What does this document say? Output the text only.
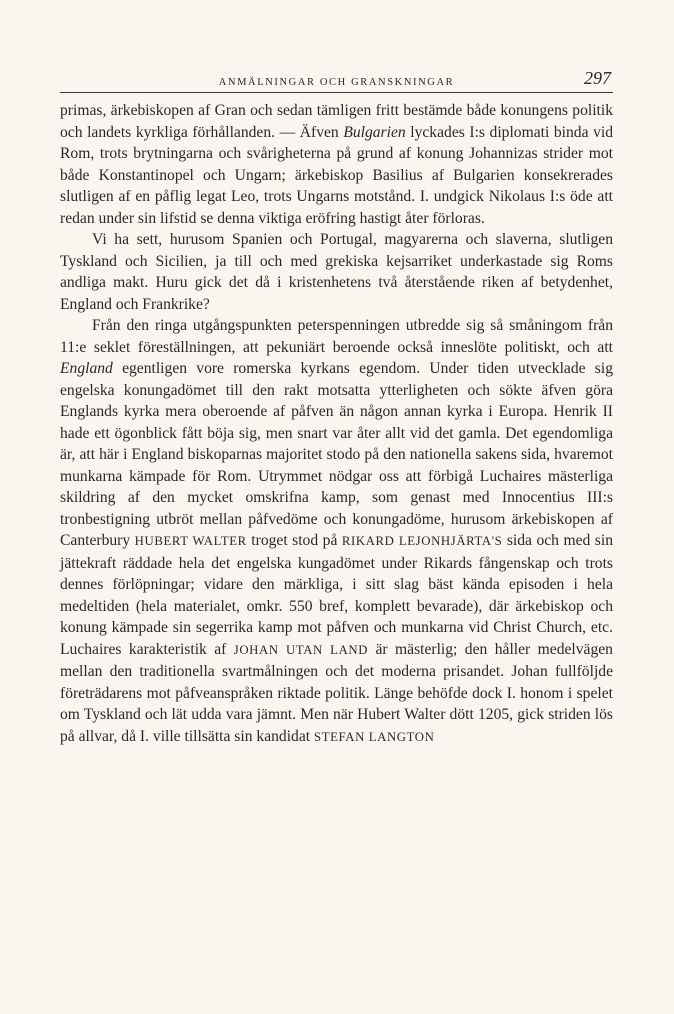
ANMÄLNINGAR OCH GRANSKNINGAR	297

primas, ärkebiskopen af Gran och sedan tämligen fritt bestämde både konungens politik och landets kyrkliga förhållanden. — Äfven Bulgarien lyckades I:s diplomati binda vid Rom, trots brytningarna och svårigheterna på grund af konung Johannizas strider mot både Konstantinopel och Ungarn; ärkebiskop Basilius af Bulgarien konsekrerades slutligen af en påflig legat Leo, trots Ungarns motstånd. I. undgick Nikolaus I:s öde att redan under sin lifstid se denna viktiga eröfring hastigt åter förloras.

Vi ha sett, hurusom Spanien och Portugal, magyarerna och slaverna, slutligen Tyskland och Sicilien, ja till och med grekiska kejsarriket underkastade sig Roms andliga makt. Huru gick det då i kristenhetens två återstående riken af betydenhet, England och Frankrike?

Från den ringa utgångspunkten peterspenningen utbredde sig så småningom från 11:e seklet föreställningen, att pekuniärt beroende också inneslöte politiskt, och att England egentligen vore romerska kyrkans egendom. Under tiden utvecklade sig engelska konungadömet till den rakt motsatta ytterligheten och sökte äfven göra Englands kyrka mera oberoende af påfven än någon annan kyrka i Europa. Henrik II hade ett ögonblick fått böja sig, men snart var åter allt vid det gamla. Det egendomliga är, att här i England biskoparnas majoritet stodo på den nationella sakens sida, hvaremot munkarna kämpade för Rom. Utrymmet nödgar oss att förbigå Luchaires mästerliga skildring af den mycket omskrifna kamp, som genast med Innocentius III:s tronbestigning utbröt mellan påfvedöme och konungadöme, hurusom ärkebiskopen af Canterbury HUBERT WALTER troget stod på RIKARD LEJONHJÄRTA'S sida och med sin jättekraft räddade hela det engelska kungadömet under Rikards fångenskap och trots dennes förlöpningar; vidare den märkliga, i sitt slag bäst kända episoden i hela medeltiden (hela materialet, omkr. 550 bref, komplett bevarade), där ärkebiskop och konung kämpade sin segerrika kamp mot påfven och munkarna vid Christ Church, etc. Luchaires karakteristik af JOHAN UTAN LAND är mästerlig; den håller medelvägen mellan den traditionella svartmålningen och det moderna prisandet. Johan fullföljde företrädarens mot påfveanspråken riktade politik. Länge behöfde dock I. honom i spelet om Tyskland och lät udda vara jämnt. Men när Hubert Walter dött 1205, gick striden lös på allvar, då I. ville tillsätta sin kandidat STEFAN LANGTON
